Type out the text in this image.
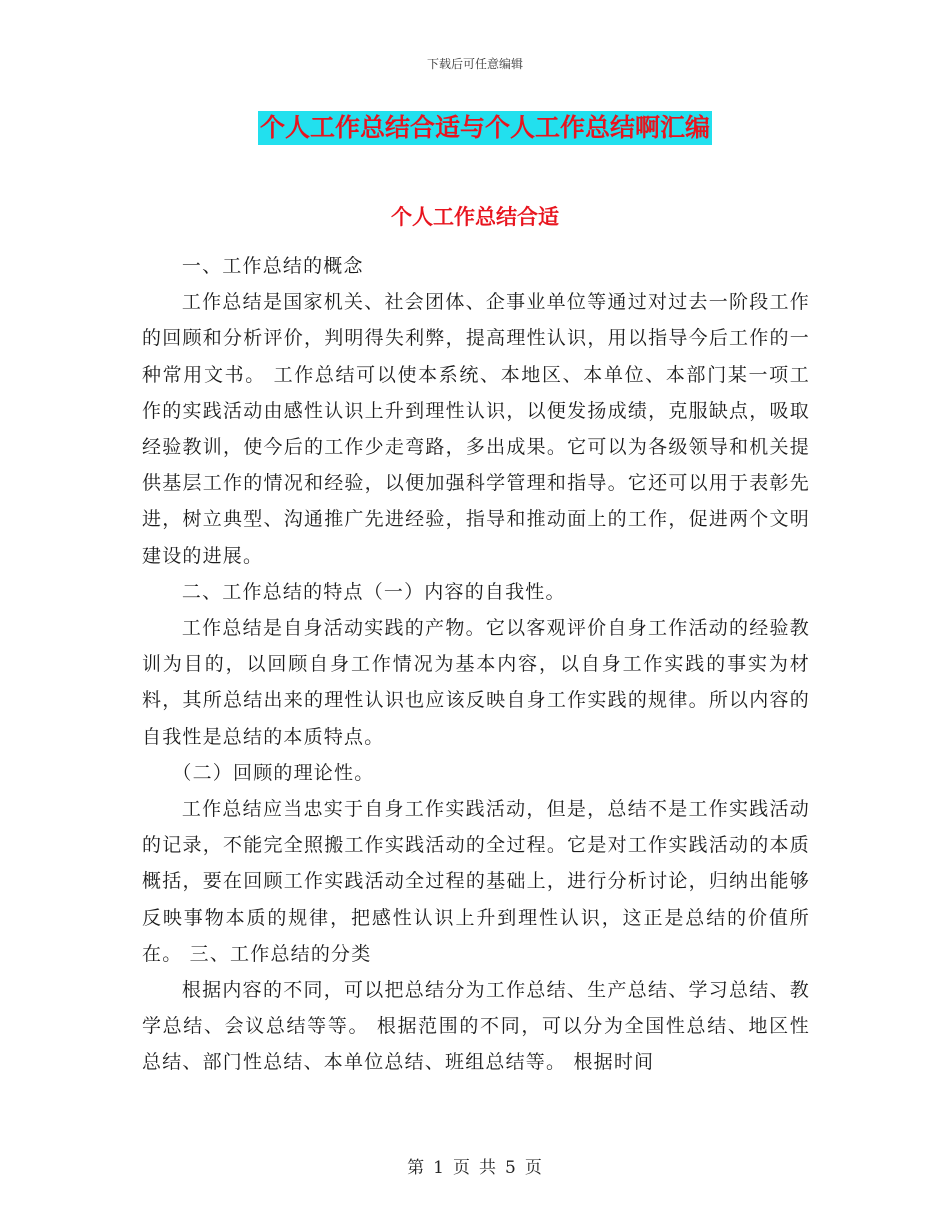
下载后可任意编辑
个人工作总结合适与个人工作总结啊汇编
个人工作总结合适

一、工作总结的概念

工作总结是国家机关、社会团体、企事业单位等通过对过去一阶段工作的回顾和分析评价，判明得失利弊，提高理性认识，用以指导今后工作的一种常用文书。 工作总结可以使本系统、本地区、本单位、本部门某一项工作的实践活动由感性认识上升到理性认识，以便发扬成绩，克服缺点，吸取经验教训，使今后的工作少走弯路，多出成果。它可以为各级领导和机关提供基层工作的情况和经验，以便加强科学管理和指导。它还可以用于表彰先进，树立典型、沟通推广先进经验，指导和推动面上的工作，促进两个文明建设的进展。

二、工作总结的特点（一）内容的自我性。

工作总结是自身活动实践的产物。它以客观评价自身工作活动的经验教训为目的，以回顾自身工作情况为基本内容，以自身工作实践的事实为材料，其所总结出来的理性认识也应该反映自身工作实践的规律。所以内容的自我性是总结的本质特点。

（二）回顾的理论性。

工作总结应当忠实于自身工作实践活动，但是，总结不是工作实践活动的记录，不能完全照搬工作实践活动的全过程。它是对工作实践活动的本质概括，要在回顾工作实践活动全过程的基础上，进行分析讨论，归纳出能够反映事物本质的规律，把感性认识上升到理性认识，这正是总结的价值所在。 三、工作总结的分类

根据内容的不同，可以把总结分为工作总结、生产总结、学习总结、教学总结、会议总结等等。 根据范围的不同，可以分为全国性总结、地区性总结、部门性总结、本单位总结、班组总结等。 根据时间

第 1 页 共 5 页
